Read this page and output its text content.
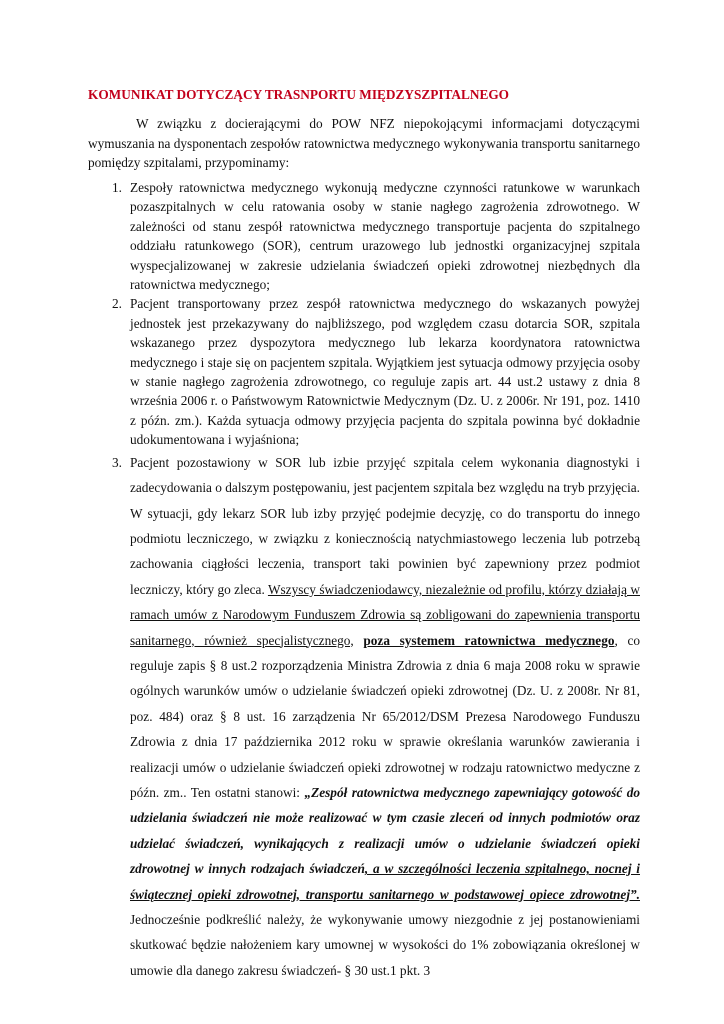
KOMUNIKAT DOTYCZĄCY TRASNPORTU MIĘDZYSZPITALNEGO

W związku z docierającymi do POW NFZ niepokojącymi informacjami dotyczącymi wymuszania na dysponentach zespołów ratownictwa medycznego wykonywania transportu sanitarnego pomiędzy szpitalami, przypominamy:

1. Zespoły ratownictwa medycznego wykonują medyczne czynności ratunkowe w warunkach pozaszpitalnych w celu ratowania osoby w stanie nagłego zagrożenia zdrowotnego. W zależności od stanu zespół ratownictwa medycznego transportuje pacjenta do szpitalnego oddziału ratunkowego (SOR), centrum urazowego lub jednostki organizacyjnej szpitala wyspecjalizowanej w zakresie udzielania świadczeń opieki zdrowotnej niezbędnych dla ratownictwa medycznego;
2. Pacjent transportowany przez zespół ratownictwa medycznego do wskazanych powyżej jednostek jest przekazywany do najbliższego, pod względem czasu dotarcia SOR, szpitala wskazanego przez dyspozytora medycznego lub lekarza koordynatora ratownictwa medycznego i staje się on pacjentem szpitala. Wyjątkiem jest sytuacja odmowy przyjęcia osoby w stanie nagłego zagrożenia zdrowotnego, co reguluje zapis art. 44 ust.2 ustawy z dnia 8 września 2006 r. o Państwowym Ratownictwie Medycznym (Dz. U. z 2006r. Nr 191, poz. 1410 z późn. zm.). Każda sytuacja odmowy przyjęcia pacjenta do szpitala powinna być dokładnie udokumentowana i wyjaśniona;
3. Pacjent pozostawiony w SOR lub izbie przyjęć szpitala celem wykonania diagnostyki i zadecydowania o dalszym postępowaniu, jest pacjentem szpitala bez względu na tryb przyjęcia. W sytuacji, gdy lekarz SOR lub izby przyjęć podejmie decyzję, co do transportu do innego podmiotu leczniczego, w związku z koniecznością natychmiastowego leczenia lub potrzebą zachowania ciągłości leczenia, transport taki powinien być zapewniony przez podmiot leczniczy, który go zleca. Wszyscy świadczeniodawcy, niezależnie od profilu, którzy działają w ramach umów z Narodowym Funduszem Zdrowia są zobligowani do zapewnienia transportu sanitarnego, również specjalistycznego, poza systemem ratownictwa medycznego, co reguluje zapis § 8 ust.2 rozporządzenia Ministra Zdrowia z dnia 6 maja 2008 roku w sprawie ogólnych warunków umów o udzielanie świadczeń opieki zdrowotnej (Dz. U. z 2008r. Nr 81, poz. 484) oraz § 8 ust. 16 zarządzenia Nr 65/2012/DSM Prezesa Narodowego Funduszu Zdrowia z dnia 17 października 2012 roku w sprawie określania warunków zawierania i realizacji umów o udzielanie świadczeń opieki zdrowotnej w rodzaju ratownictwo medyczne z późn. zm.. Ten ostatni stanowi: „Zespół ratownictwa medycznego zapewniający gotowość do udzielania świadczeń nie może realizować w tym czasie zleceń od innych podmiotów oraz udzielać świadczeń, wynikających z realizacji umów o udzielanie świadczeń opieki zdrowotnej w innych rodzajach świadczeń, a w szczególności leczenia szpitalnego, nocnej i świątecznej opieki zdrowotnej, transportu sanitarnego w podstawowej opiece zdrowotnej”. Jednocześnie podkreślić należy, że wykonywanie umowy niezgodnie z jej postanowieniami skutkować będzie nałożeniem kary umownej w wysokości do 1% zobowiązania określonej w umowie dla danego zakresu świadczeń- § 30 ust.1 pkt. 3
